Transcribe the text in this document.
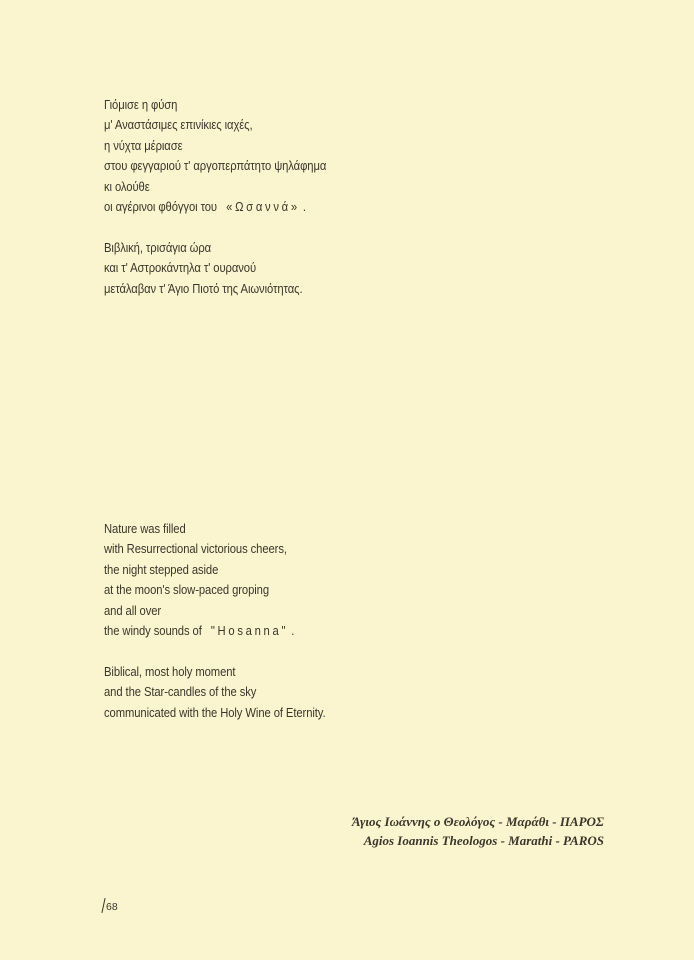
Γιόμισε η φύση
μ' Αναστάσιμες επινίκιες ιαχές,
η νύχτα μέριασε
στου φεγγαριού τ' αργοπερπάτητο ψηλάφημα
κι ολούθε
οι αγέρινοι φθόγγοι του   «Ωσαννά» .
Βιβλική, τρισάγια ώρα
και τ' Αστροκάντηλα τ' ουρανού
μετάλαβαν τ' Άγιο Πιοτό της Αιωνιότητας.
Nature was filled
with Resurrectional victorious cheers,
the night stepped aside
at the moon's slow-paced groping
and all over
the windy sounds of   "Hosanna" .
Biblical, most holy moment
and the Star-candles of the sky
communicated with the Holy Wine of Eternity.
Άγιος Ιωάννης ο Θεολόγος - Μαράθι - ΠΑΡΟΣ
Agios Ioannis Theologos - Marathi - PAROS
68
